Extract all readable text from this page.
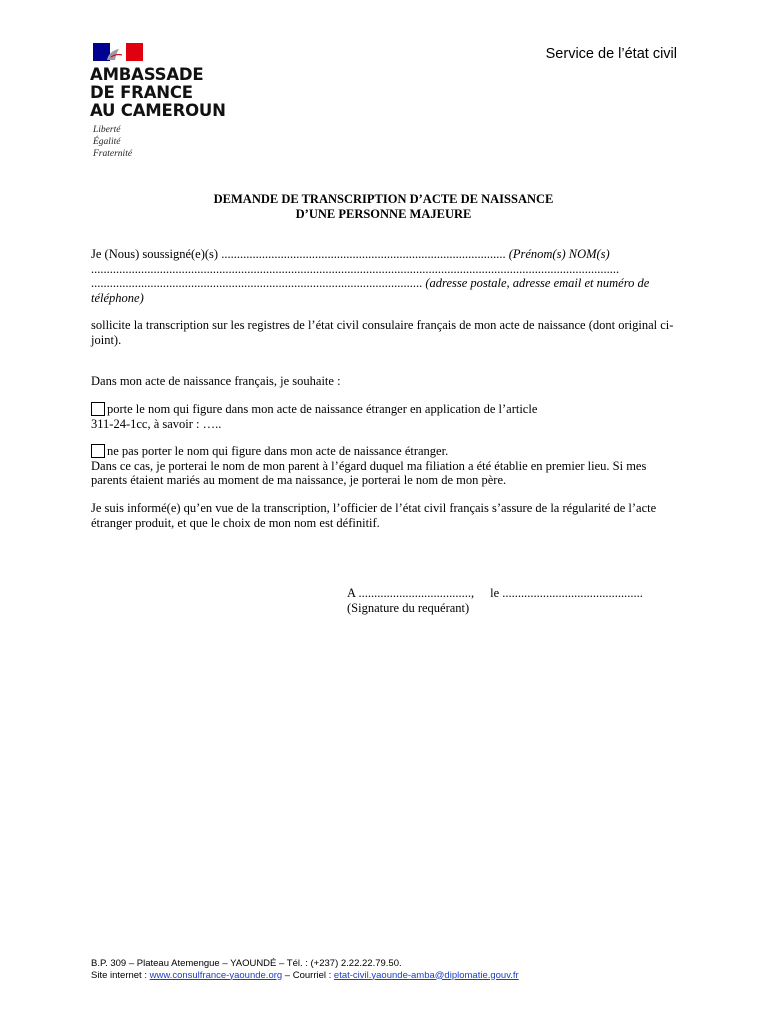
AMBASSADE
DE FRANCE
AU CAMEROUN
Liberté
Égalité
Fraternité
Service de l’état civil
DEMANDE DE TRANSCRIPTION D’ACTE DE NAISSANCE
D’UNE PERSONNE MAJEURE
Je (Nous) soussigné(e)(s) ........................................................................................... (Prénom(s) NOM(s)
.........................................................................................................................................................................
.......................................................................................................... (adresse postale, adresse email et numéro de téléphone)
sollicite la transcription sur les registres de l’état civil consulaire français de mon acte de naissance (dont original ci-joint).
Dans mon acte de naissance français, je souhaite :
porte le nom qui figure dans mon acte de naissance étranger en application de l’article
311-24-1cc, à savoir : …..
ne pas porter le nom qui figure dans mon acte de naissance étranger.
Dans ce cas, je porterai le nom de mon parent à l’égard duquel ma filiation a été établie en premier lieu. Si mes parents étaient mariés au moment de ma naissance, je porterai le nom de mon père.
Je suis informé(e) qu’en vue de la transcription, l’officier de l’état civil français s’assure de la régularité de l’acte étranger produit, et que le choix de mon nom est définitif.
A ...................................., le .............................................
(Signature du requérant)
B.P. 309 – Plateau Atemengue – YAOUNDÉ – Tél. : (+237) 2.22.22.79.50.
Site internet : www.consulfrance-yaounde.org – Courriel : etat-civil.yaounde-amba@diplomatie.gouv.fr
